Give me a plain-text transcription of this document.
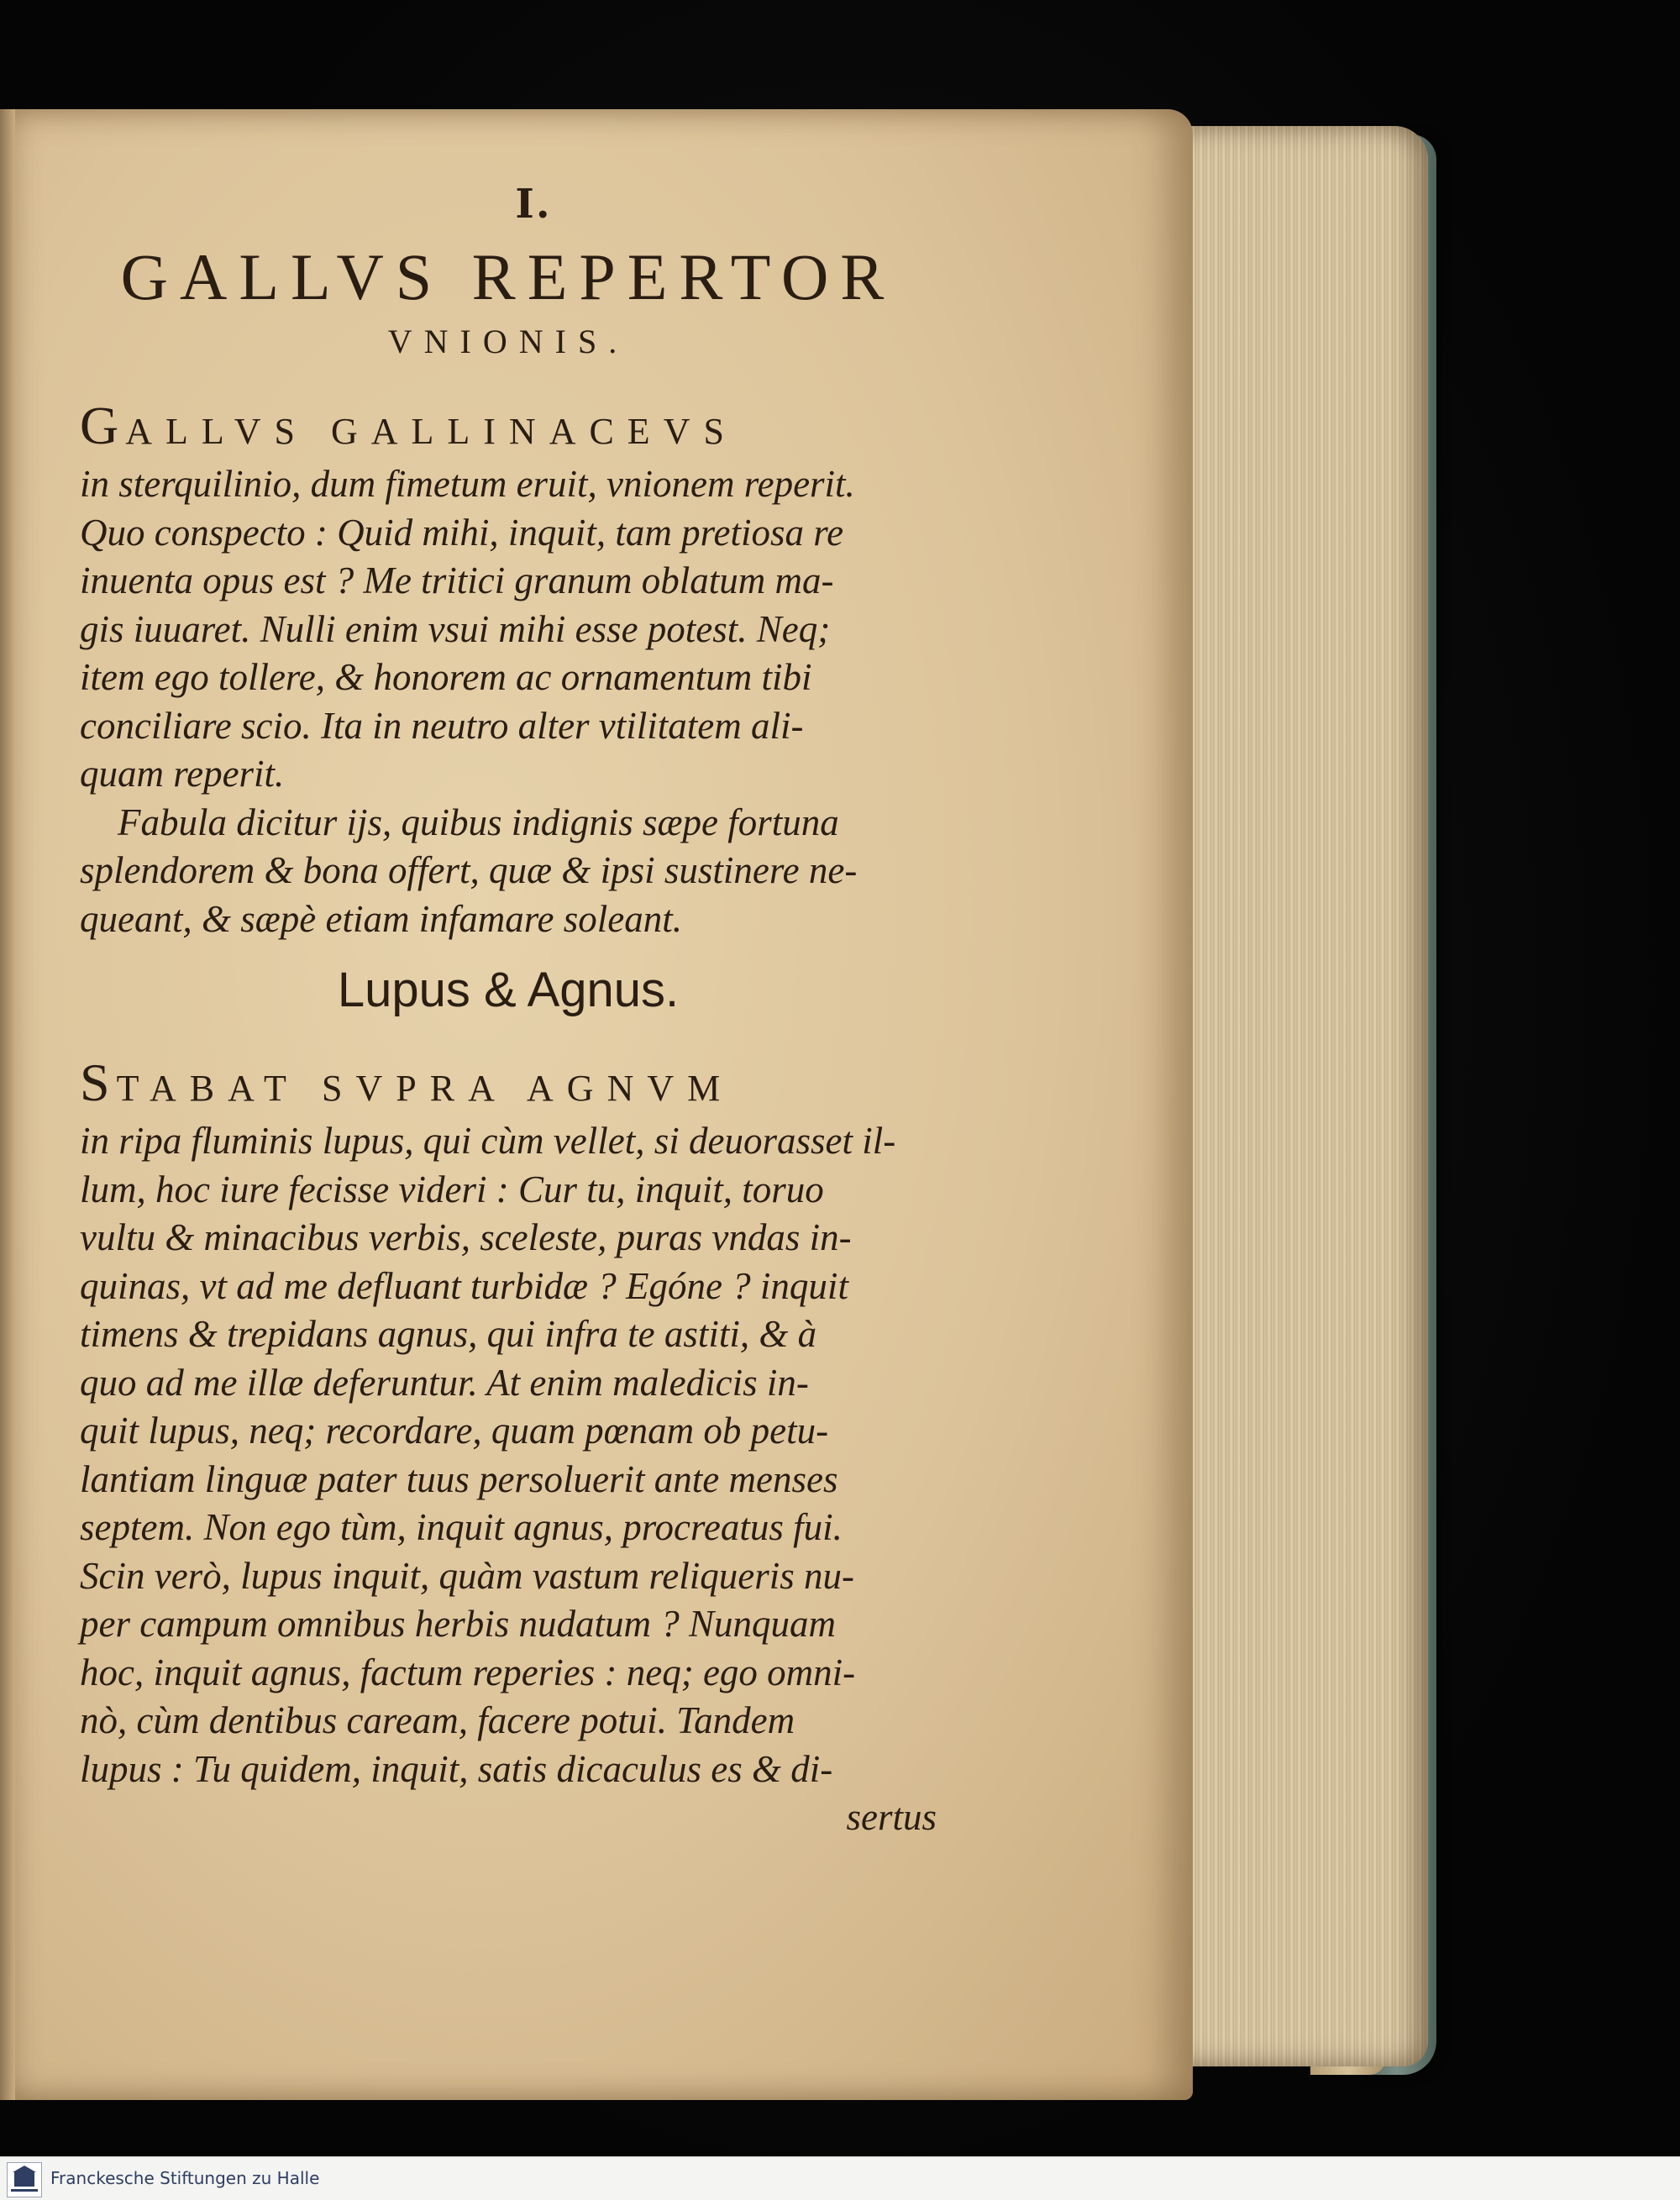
I.

GALLVS REPERTOR

VNIONIS.

GALLVS GALLINACEVS

in sterquilinio, dum fimetum eruit, vnionem reperit.

Quo conspecto : Quid mihi, inquit, tam pretiosa re

inuenta opus est ? Me tritici granum oblatum ma-

gis iuuaret. Nulli enim vsui mihi esse potest. Neq;

item ego tollere, & honorem ac ornamentum tibi

conciliare scio. Ita in neutro alter vtilitatem ali-

quam reperit.

Fabula dicitur ijs, quibus indignis sæpe fortuna

splendorem & bona offert, quæ & ipsi sustinere ne-

queant, & sæpè etiam infamare soleant.

Lupus & Agnus.

STABAT SVPRA AGNVM

in ripa fluminis lupus, qui cùm vellet, si deuorasset il-

lum, hoc iure fecisse videri : Cur tu, inquit, toruo

vultu & minacibus verbis, sceleste, puras vndas in-

quinas, vt ad me defluant turbidæ ? Egóne ? inquit

timens & trepidans agnus, qui infra te astiti, & à

quo ad me illæ deferuntur. At enim maledicis in-

quit lupus, neq; recordare, quam pœnam ob petu-

lantiam linguæ pater tuus persoluerit ante menses

septem. Non ego tùm, inquit agnus, procreatus fui.

Scin verò, lupus inquit, quàm vastum reliqueris nu-

per campum omnibus herbis nudatum ? Nunquam

hoc, inquit agnus, factum reperies : neq; ego omni-

nò, cùm dentibus caream, facere potui. Tandem

lupus : Tu quidem, inquit, satis dicaculus es & di-

sertus

Franckesche Stiftungen zu Halle
